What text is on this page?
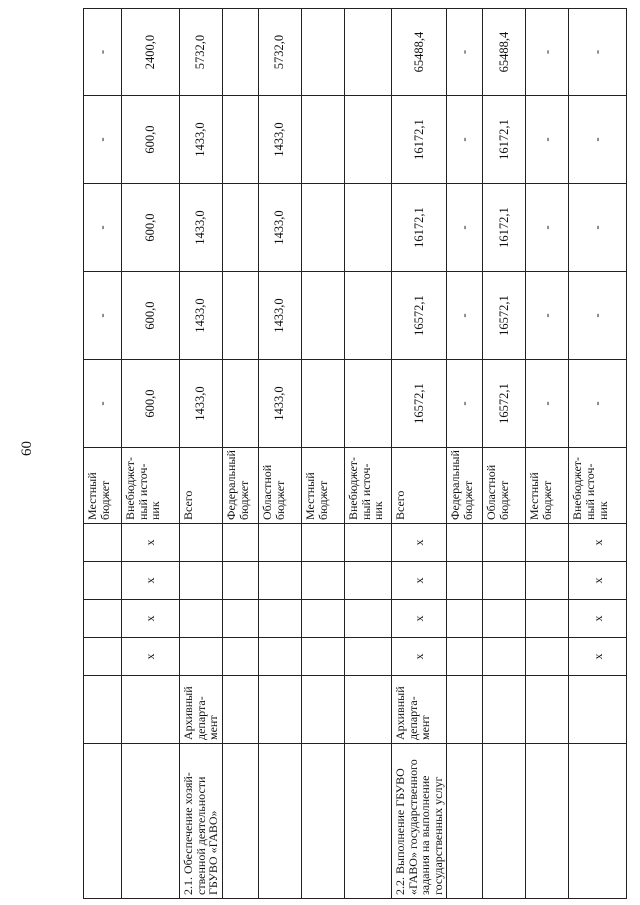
60
						Местный бюджет	-	-	-	-	-
		х	х	х	х	Внебюджет-ный источ-ник	600,0	600,0	600,0	600,0	2400,0
2.1. Обеспечение хозяй-ственной деятельности ГБУВО «ГАВО»	Архивный департа-мент					Всего	1433,0	1433,0	1433,0	1433,0	5732,0
						Федеральный бюджет					
						Областной бюджет	1433,0	1433,0	1433,0	1433,0	5732,0
						Местный бюджет					
						Внебюджет-ный источ-ник					
2.2. Выполнение ГБУВО «ГАВО» государственного задания на выполнение государственных услуг	Архивный департа-мент	х	х	х	х	Всего	16572,1	16572,1	16172,1	16172,1	65488,4
						Федеральный бюджет	-	-	-	-	-
						Областной бюджет	16572,1	16572,1	16172,1	16172,1	65488,4
						Местный бюджет	-	-	-	-	-
		х	х	х	х	Внебюджет-ный источ-ник	-	-	-	-	-
